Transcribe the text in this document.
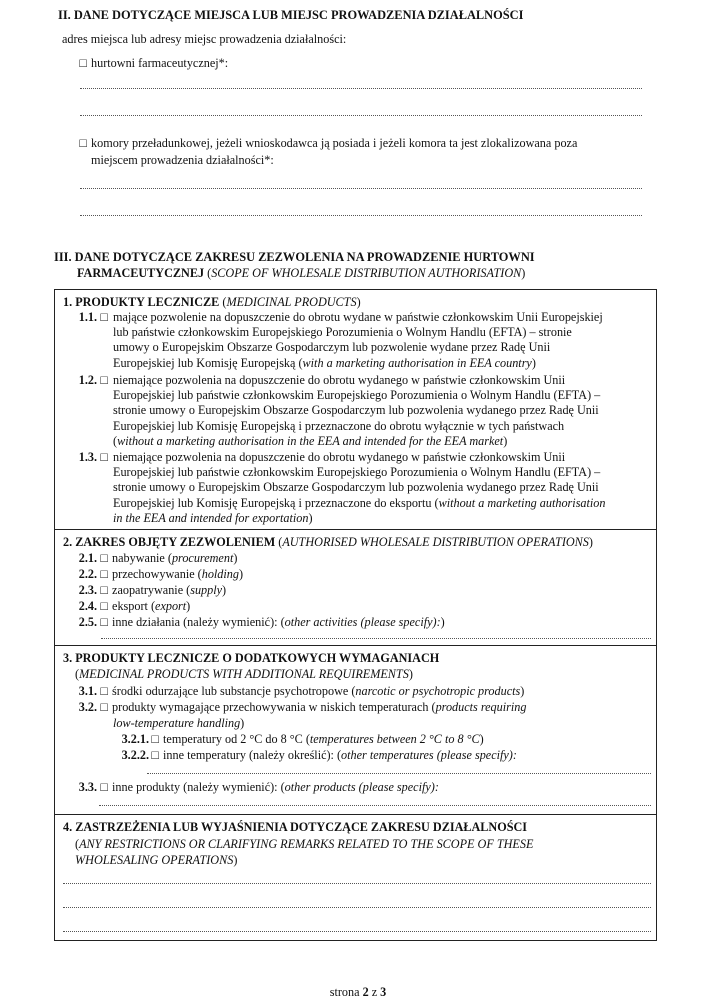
II. DANE DOTYCZĄCE MIEJSCA LUB MIEJSC PROWADZENIA DZIAŁALNOŚCI
adres miejsca lub adresy miejsc prowadzenia działalności:
□ hurtowni farmaceutycznej*:
□ komory przeładunkowej, jeżeli wnioskodawca ją posiada i jeżeli komora ta jest zlokalizowana poza
miejscem prowadzenia działalności*:
III. DANE DOTYCZĄCE ZAKRESU ZEZWOLENIA NA PROWADZENIE HURTOWNI
FARMACEUTYCZNEJ (SCOPE OF WHOLESALE DISTRIBUTION AUTHORISATION)
1. PRODUKTY LECZNICZE (MEDICINAL PRODUCTS)
1.1. □ mające pozwolenie na dopuszczenie do obrotu wydane w państwie członkowskim Unii Europejskiej
lub państwie członkowskim Europejskiego Porozumienia o Wolnym Handlu (EFTA) – stronie
umowy o Europejskim Obszarze Gospodarczym lub pozwolenie wydane przez Radę Unii
Europejskiej lub Komisję Europejską (with a marketing authorisation in EEA country)
1.2. □ niemające pozwolenia na dopuszczenie do obrotu wydanego w państwie członkowskim Unii
Europejskiej lub państwie członkowskim Europejskiego Porozumienia o Wolnym Handlu (EFTA) –
stronie umowy o Europejskim Obszarze Gospodarczym lub pozwolenia wydanego przez Radę Unii
Europejskiej lub Komisję Europejską i przeznaczone do obrotu wyłącznie w tych państwach
(without a marketing authorisation in the EEA and intended for the EEA market)
1.3. □ niemające pozwolenia na dopuszczenie do obrotu wydanego w państwie członkowskim Unii
Europejskiej lub państwie członkowskim Europejskiego Porozumienia o Wolnym Handlu (EFTA) –
stronie umowy o Europejskim Obszarze Gospodarczym lub pozwolenia wydanego przez Radę Unii
Europejskiej lub Komisję Europejską i przeznaczone do eksportu (without a marketing authorisation
in the EEA and intended for exportation)
2. ZAKRES OBJĘTY ZEZWOLENIEM (AUTHORISED WHOLESALE DISTRIBUTION OPERATIONS)
2.1. □ nabywanie (procurement)
2.2. □ przechowywanie (holding)
2.3. □ zaopatrywanie (supply)
2.4. □ eksport (export)
2.5. □ inne działania (należy wymienić): (other activities (please specify):)
3. PRODUKTY LECZNICZE O DODATKOWYCH WYMAGANIACH
(MEDICINAL PRODUCTS WITH ADDITIONAL REQUIREMENTS)
3.1. □ środki odurzające lub substancje psychotropowe (narcotic or psychotropic products)
3.2. □ produkty wymagające przechowywania w niskich temperaturach (products requiring
low-temperature handling)
3.2.1. □ temperatury od 2 °C do 8 °C (temperatures between 2 °C to 8 °C)
3.2.2. □ inne temperatury (należy określić): (other temperatures (please specify):
3.3. □ inne produkty (należy wymienić): (other products (please specify):
4. ZASTRZEŻENIA LUB WYJAŚNIENIA DOTYCZĄCE ZAKRESU DZIAŁALNOŚCI
(ANY RESTRICTIONS OR CLARIFYING REMARKS RELATED TO THE SCOPE OF THESE
WHOLESALING OPERATIONS)
strona 2 z 3
